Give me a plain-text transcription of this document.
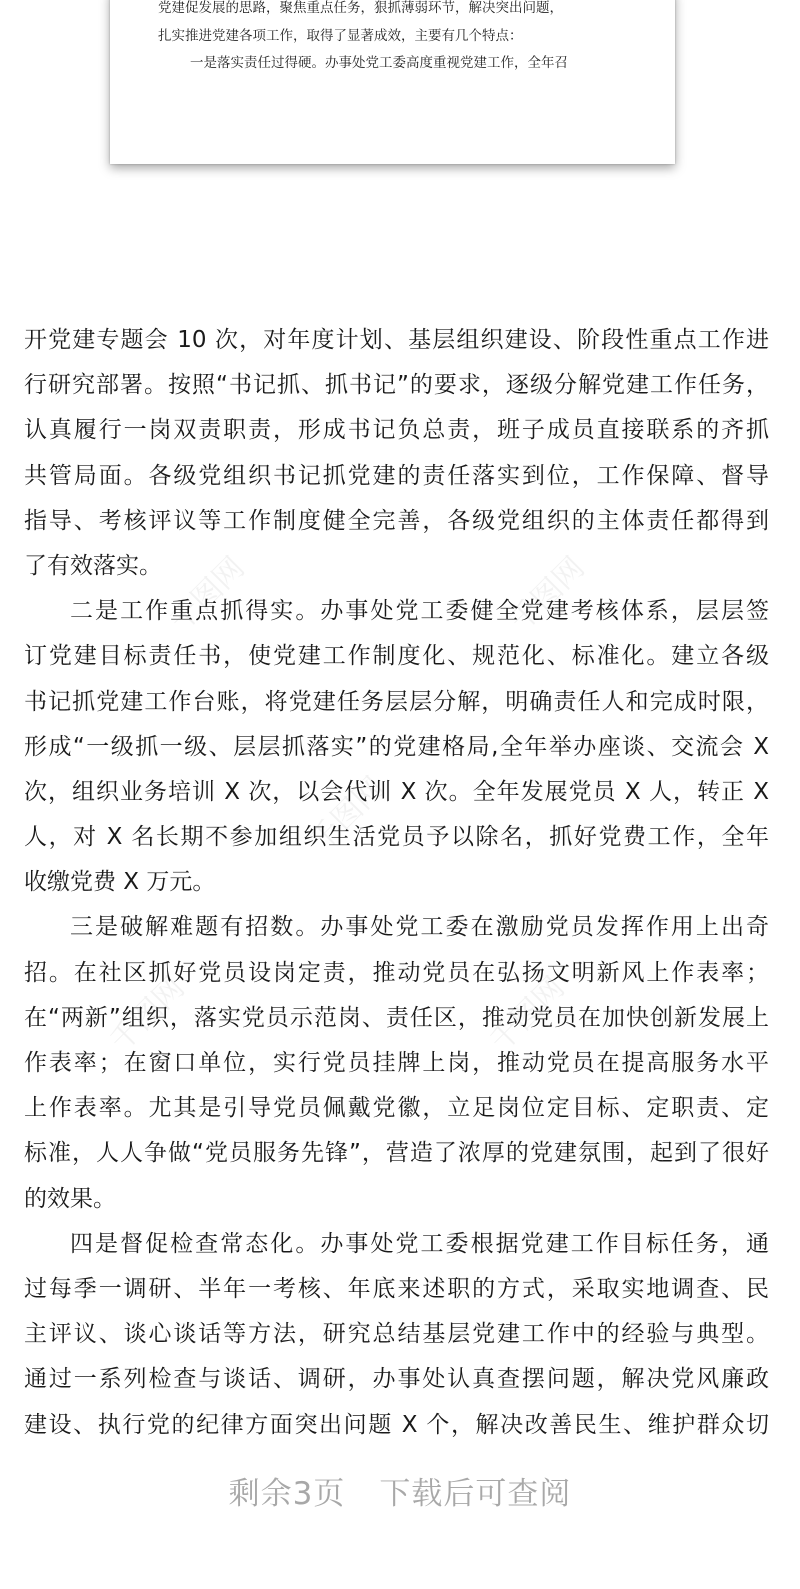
党建促发展的思路，聚焦重点任务，狠抓薄弱环节，解决突出问题，
扎实推进党建各项工作，取得了显著成效，主要有几个特点：
一是落实责任过得硬。办事处党工委高度重视党建工作，全年召
千图网	千图网
千图网
千图网	千图网
开党建专题会 10 次，对年度计划、基层组织建设、阶段性重点工作进
行研究部署。按照“书记抓、抓书记”的要求，逐级分解党建工作任务，
认真履行一岗双责职责，形成书记负总责，班子成员直接联系的齐抓
共管局面。各级党组织书记抓党建的责任落实到位，工作保障、督导
指导、考核评议等工作制度健全完善，各级党组织的主体责任都得到
了有效落实。
二是工作重点抓得实。办事处党工委健全党建考核体系，层层签
订党建目标责任书，使党建工作制度化、规范化、标准化。建立各级
书记抓党建工作台账，将党建任务层层分解，明确责任人和完成时限，
形成“一级抓一级、层层抓落实”的党建格局,全年举办座谈、交流会 X
次，组织业务培训 X 次，以会代训 X 次。全年发展党员 X 人，转正 X
人，对 X 名长期不参加组织生活党员予以除名，抓好党费工作，全年
收缴党费 X 万元。
三是破解难题有招数。办事处党工委在激励党员发挥作用上出奇
招。在社区抓好党员设岗定责，推动党员在弘扬文明新风上作表率；
在“两新”组织，落实党员示范岗、责任区，推动党员在加快创新发展上
作表率；在窗口单位，实行党员挂牌上岗，推动党员在提高服务水平
上作表率。尤其是引导党员佩戴党徽，立足岗位定目标、定职责、定
标准，人人争做“党员服务先锋”，营造了浓厚的党建氛围，起到了很好
的效果。
四是督促检查常态化。办事处党工委根据党建工作目标任务，通
过每季一调研、半年一考核、年底来述职的方式，采取实地调查、民
主评议、谈心谈话等方法，研究总结基层党建工作中的经验与典型。
通过一系列检查与谈话、调研，办事处认真查摆问题，解决党风廉政
建设、执行党的纪律方面突出问题 X 个，解决改善民生、维护群众切
剩余3页 下载后可查阅
